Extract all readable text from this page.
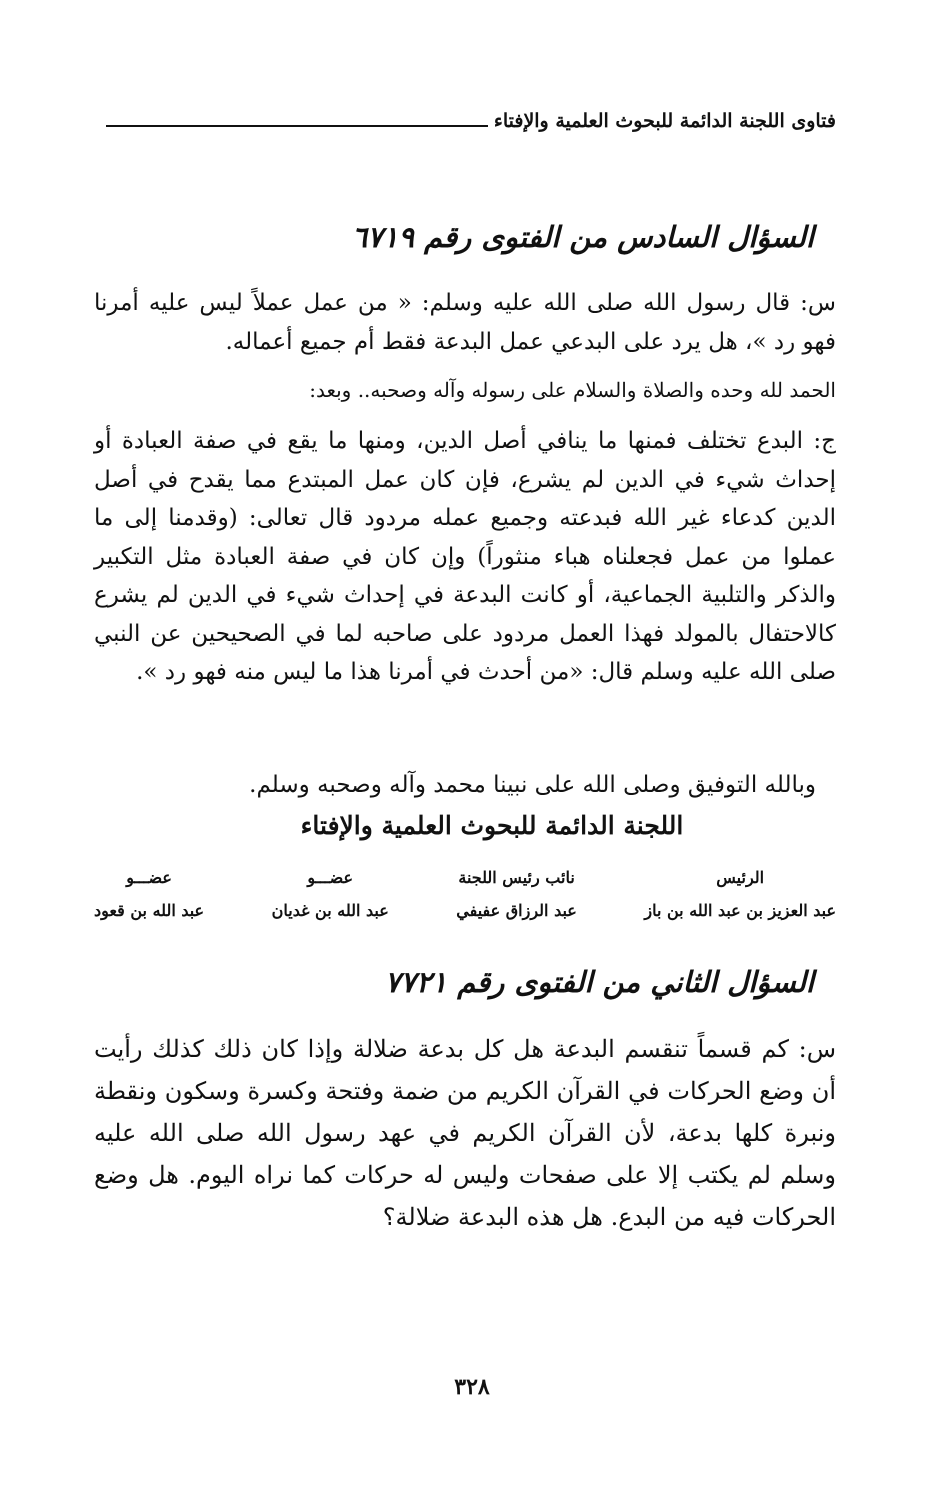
فتاوى اللجنة الدائمة للبحوث العلمية والإفتاء
السؤال السادس من الفتوى رقم ٦٧١٩
س: قال رسول الله صلى الله عليه وسلم: « من عمل عملاً ليس عليه أمرنا فهو رد »، هل يرد على البدعي عمل البدعة فقط أم جميع أعماله.
الحمد لله وحده والصلاة والسلام على رسوله وآله وصحبه.. وبعد:
ج: البدع تختلف فمنها ما ينافي أصل الدين، ومنها ما يقع في صفة العبادة أو إحداث شيء في الدين لم يشرع، فإن كان عمل المبتدع مما يقدح في أصل الدين كدعاء غير الله فبدعته وجميع عمله مردود قال تعالى: (وقدمنا إلى ما عملوا من عمل فجعلناه هباء منثوراً) وإن كان في صفة العبادة مثل التكبير والذكر والتلبية الجماعية، أو كانت البدعة في إحداث شيء في الدين لم يشرع كالاحتفال بالمولد فهذا العمل مردود على صاحبه لما في الصحيحين عن النبي صلى الله عليه وسلم قال: «من أحدث في أمرنا هذا ما ليس منه فهو رد ».
وبالله التوفيق وصلى الله على نبينا محمد وآله وصحبه وسلم.
اللجنة الدائمة للبحوث العلمية والإفتاء
الرئيس
عبد العزيز بن عبد الله بن باز
نائب رئيس اللجنة
عبد الرزاق عفيفي
عضـــو
عبد الله بن غديان
عضـــو
عبد الله بن قعود
السؤال الثاني من الفتوى رقم ٧٧٢١
س: كم قسماً تنقسم البدعة هل كل بدعة ضلالة وإذا كان ذلك كذلك رأيت أن وضع الحركات في القرآن الكريم من ضمة وفتحة وكسرة وسكون ونقطة ونبرة كلها بدعة، لأن القرآن الكريم في عهد رسول الله صلى الله عليه وسلم لم يكتب إلا على صفحات وليس له حركات كما نراه اليوم. هل وضع الحركات فيه من البدع. هل هذه البدعة ضلالة؟
٣٢٨
